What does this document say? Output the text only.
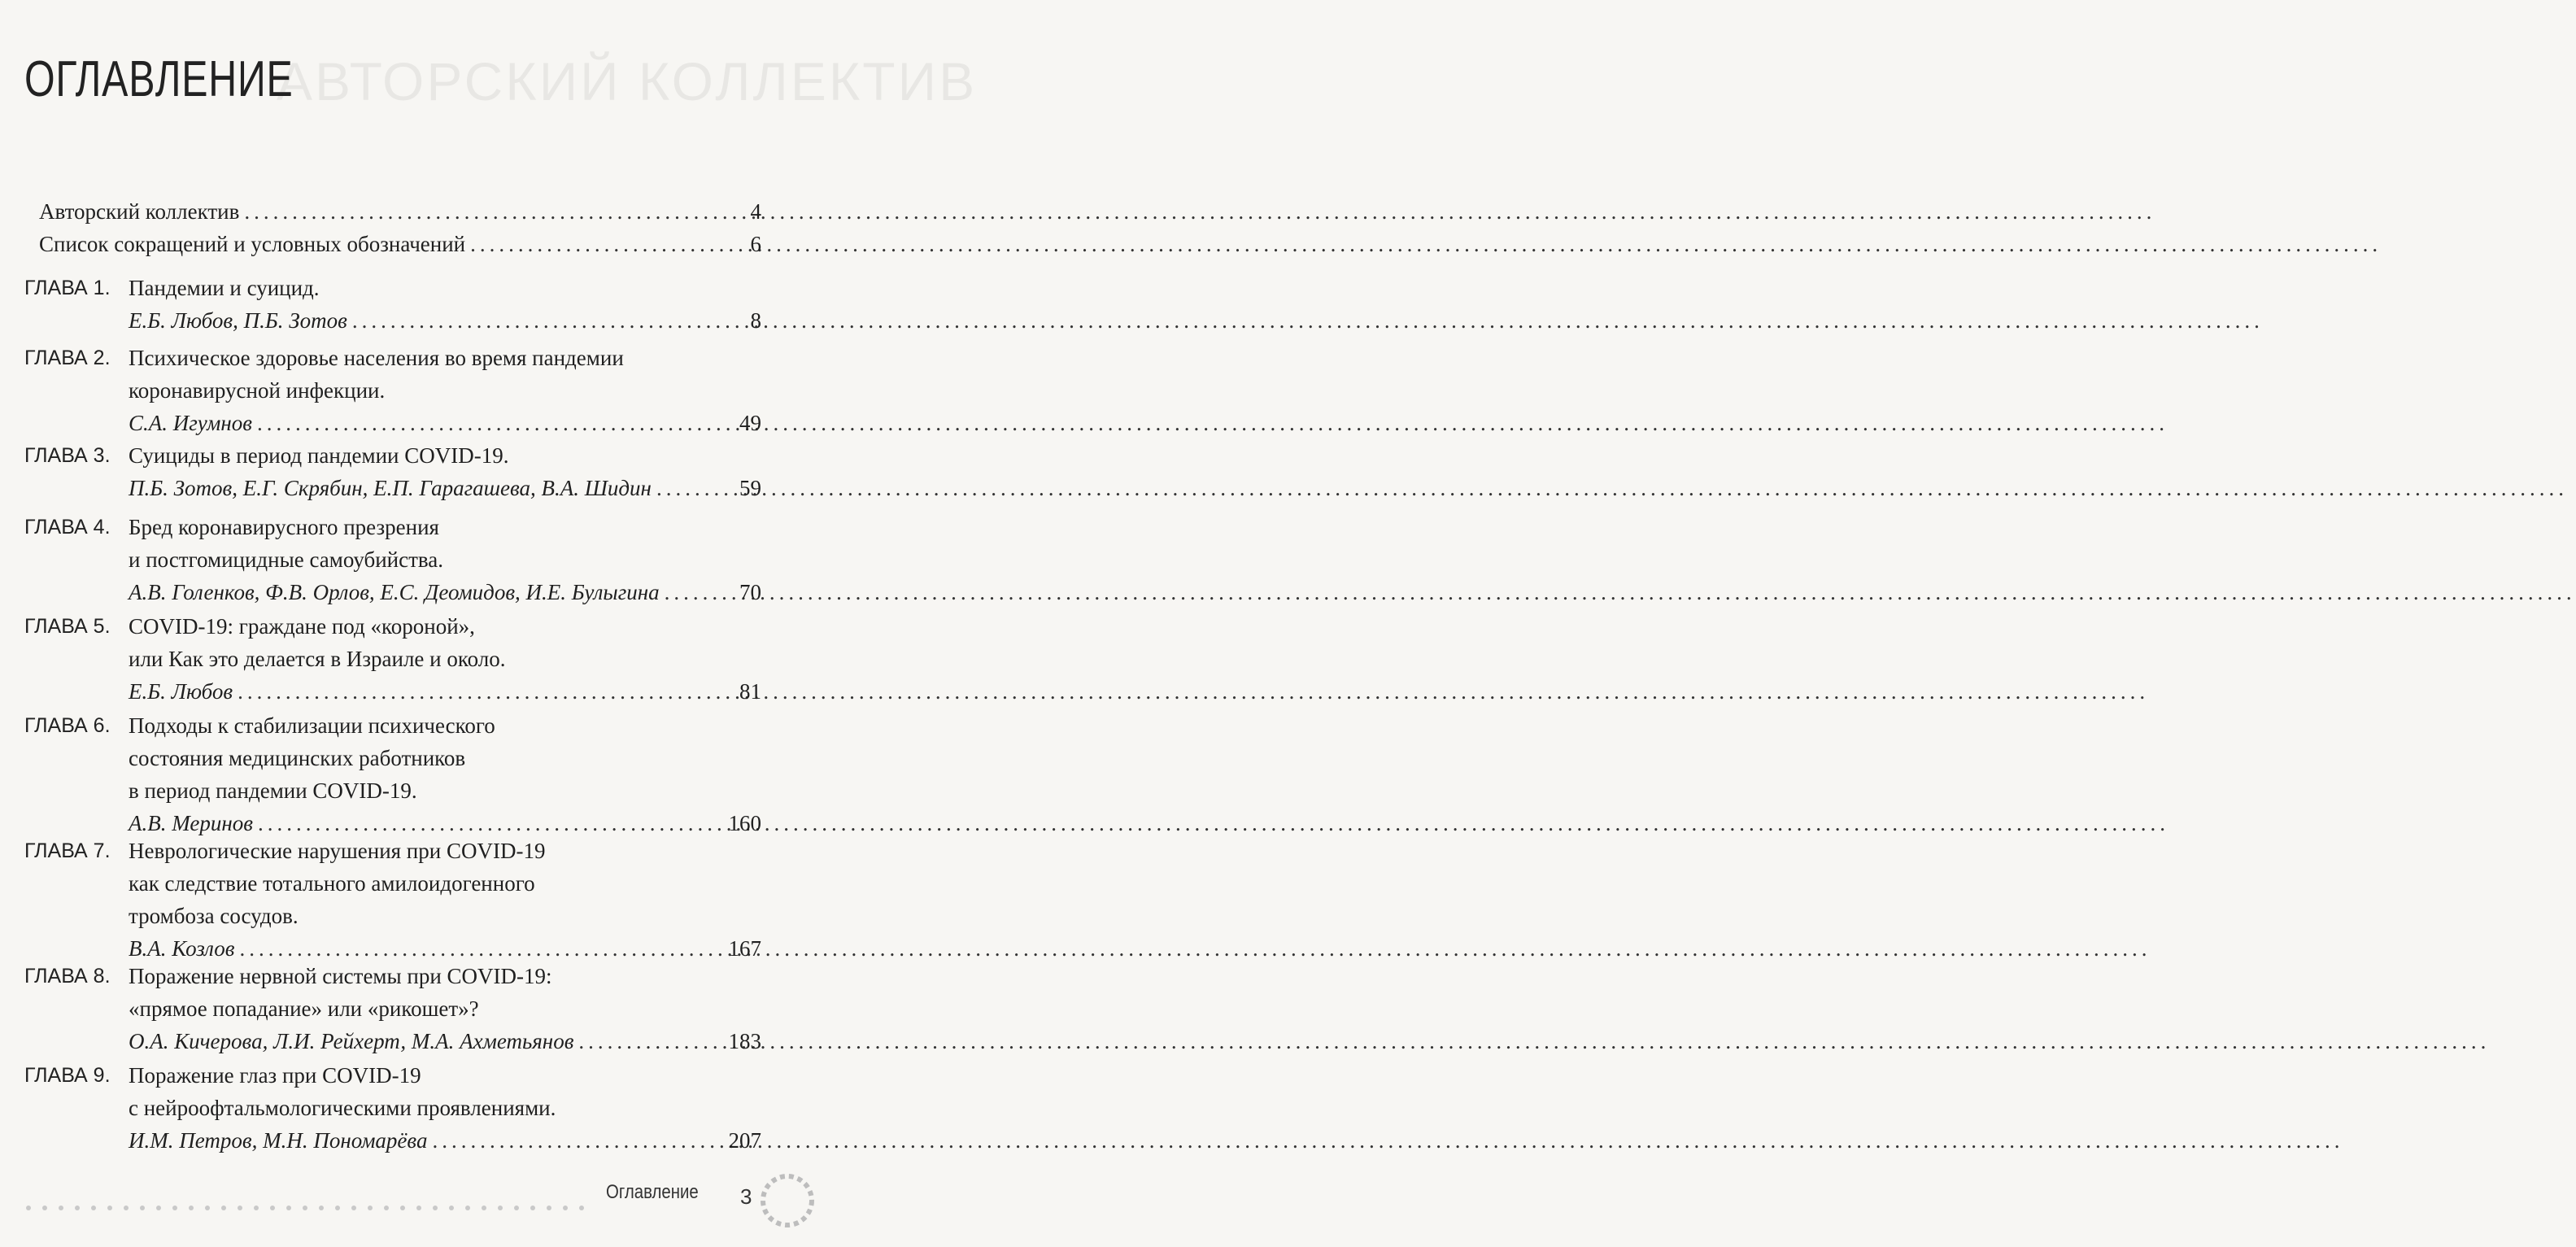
АВТОРСКИЙ КОЛЛЕКТИВ
ОГЛАВЛЕНИЕ
Авторский коллектив .....	4
Список сокращений и условных обозначений .....	6
ГЛАВА 1. Пандемии и суицид.
Е.Б. Любов, П.Б. Зотов .....	8
ГЛАВА 2. Психическое здоровье населения во время пандемии
коронавирусной инфекции.
С.А. Игумнов .....	49
ГЛАВА 3. Суициды в период пандемии COVID-19.
П.Б. Зотов, Е.Г. Скрябин, Е.П. Гарагашева, В.А. Шидин .....	59
ГЛАВА 4. Бред коронавирусного презрения
и постгомицидные самоубийства.
А.В. Голенков, Ф.В. Орлов, Е.С. Деомидов, И.Е. Булыгина .....	70
ГЛАВА 5. COVID-19: граждане под «короной»,
или Как это делается в Израиле и около.
Е.Б. Любов .....	81
ГЛАВА 6. Подходы к стабилизации психического
состояния медицинских работников
в период пандемии COVID-19.
А.В. Меринов .....	160
ГЛАВА 7. Неврологические нарушения при COVID-19
как следствие тотального амилоидогенного
тромбоза сосудов.
В.А. Козлов .....	167
ГЛАВА 8. Поражение нервной системы при COVID-19:
«прямое попадание» или «рикошет»?
О.А. Кичерова, Л.И. Рейхерт, М.А. Ахметьянов .....	183
ГЛАВА 9. Поражение глаз при COVID-19
с нейроофтальмологическими проявлениями.
И.М. Петров, М.Н. Пономарёва .....	207
Оглавление 3
